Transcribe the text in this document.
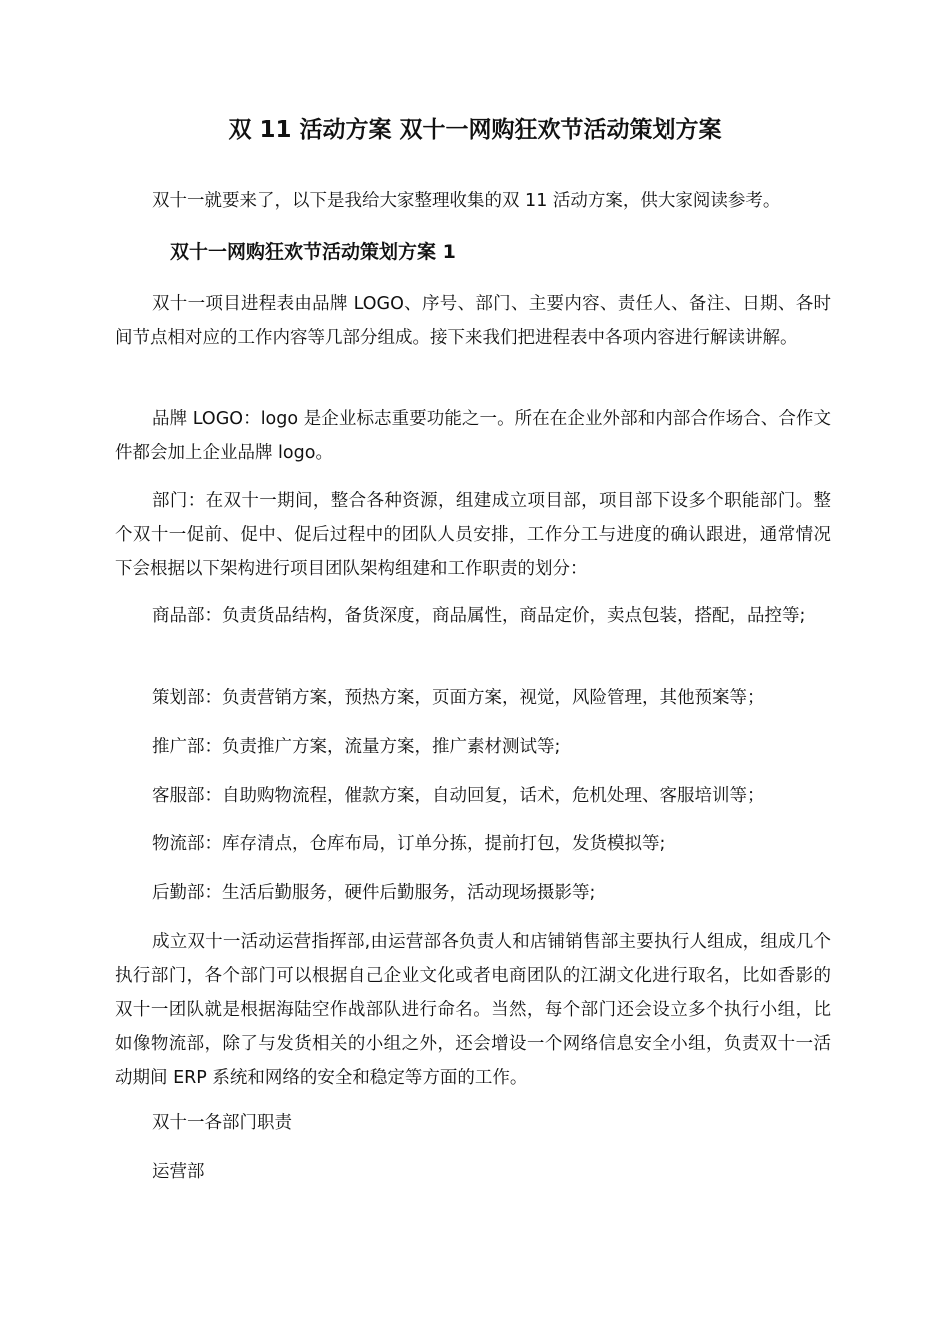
双 11 活动方案 双十一网购狂欢节活动策划方案

双十一就要来了，以下是我给大家整理收集的双 11 活动方案，供大家阅读参考。

双十一网购狂欢节活动策划方案 1

双十一项目进程表由品牌 LOGO、序号、部门、主要内容、责任人、备注、日期、各时间节点相对应的工作内容等几部分组成。接下来我们把进程表中各项内容进行解读讲解。

品牌 LOGO：logo 是企业标志重要功能之一。所在在企业外部和内部合作场合、合作文件都会加上企业品牌 logo。

部门：在双十一期间，整合各种资源，组建成立项目部，项目部下设多个职能部门。整个双十一促前、促中、促后过程中的团队人员安排，工作分工与进度的确认跟进，通常情况下会根据以下架构进行项目团队架构组建和工作职责的划分：

商品部：负责货品结构，备货深度，商品属性，商品定价，卖点包装，搭配，品控等;

策划部：负责营销方案，预热方案，页面方案，视觉，风险管理，其他预案等；

推广部：负责推广方案，流量方案，推广素材测试等;

客服部：自助购物流程，催款方案，自动回复，话术，危机处理、客服培训等；

物流部：库存清点，仓库布局，订单分拣，提前打包，发货模拟等;

后勤部：生活后勤服务，硬件后勤服务，活动现场摄影等;

成立双十一活动运营指挥部,由运营部各负责人和店铺销售部主要执行人组成，组成几个执行部门，各个部门可以根据自己企业文化或者电商团队的江湖文化进行取名，比如香影的双十一团队就是根据海陆空作战部队进行命名。当然，每个部门还会设立多个执行小组，比如像物流部，除了与发货相关的小组之外，还会增设一个网络信息安全小组，负责双十一活动期间 ERP 系统和网络的安全和稳定等方面的工作。

双十一各部门职责

运营部
